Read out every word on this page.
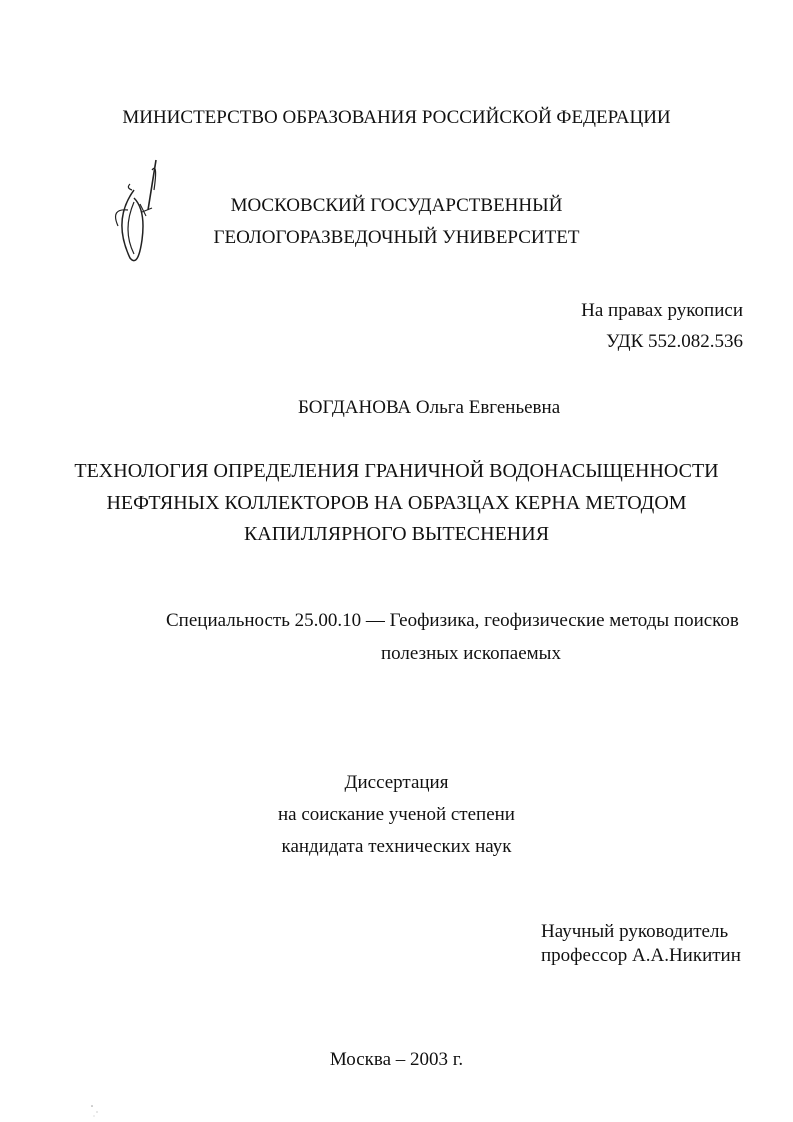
МИНИСТЕРСТВО ОБРАЗОВАНИЯ РОССИЙСКОЙ ФЕДЕРАЦИИ
МОСКОВСКИЙ ГОСУДАРСТВЕННЫЙ
ГЕОЛОГОРАЗВЕДОЧНЫЙ УНИВЕРСИТЕТ
На правах рукописи
УДК 552.082.536
БОГДАНОВА Ольга Евгеньевна
ТЕХНОЛОГИЯ ОПРЕДЕЛЕНИЯ ГРАНИЧНОЙ ВОДОНАСЫЩЕННОСТИ
НЕФТЯНЫХ КОЛЛЕКТОРОВ НА ОБРАЗЦАХ КЕРНА МЕТОДОМ
КАПИЛЛЯРНОГО ВЫТЕСНЕНИЯ
Специальность 25.00.10 — Геофизика, геофизические методы поисков
полезных ископаемых
Диссертация
на соискание ученой степени
кандидата технических наук
Научный руководитель
профессор А.А.Никитин
Москва – 2003 г.
